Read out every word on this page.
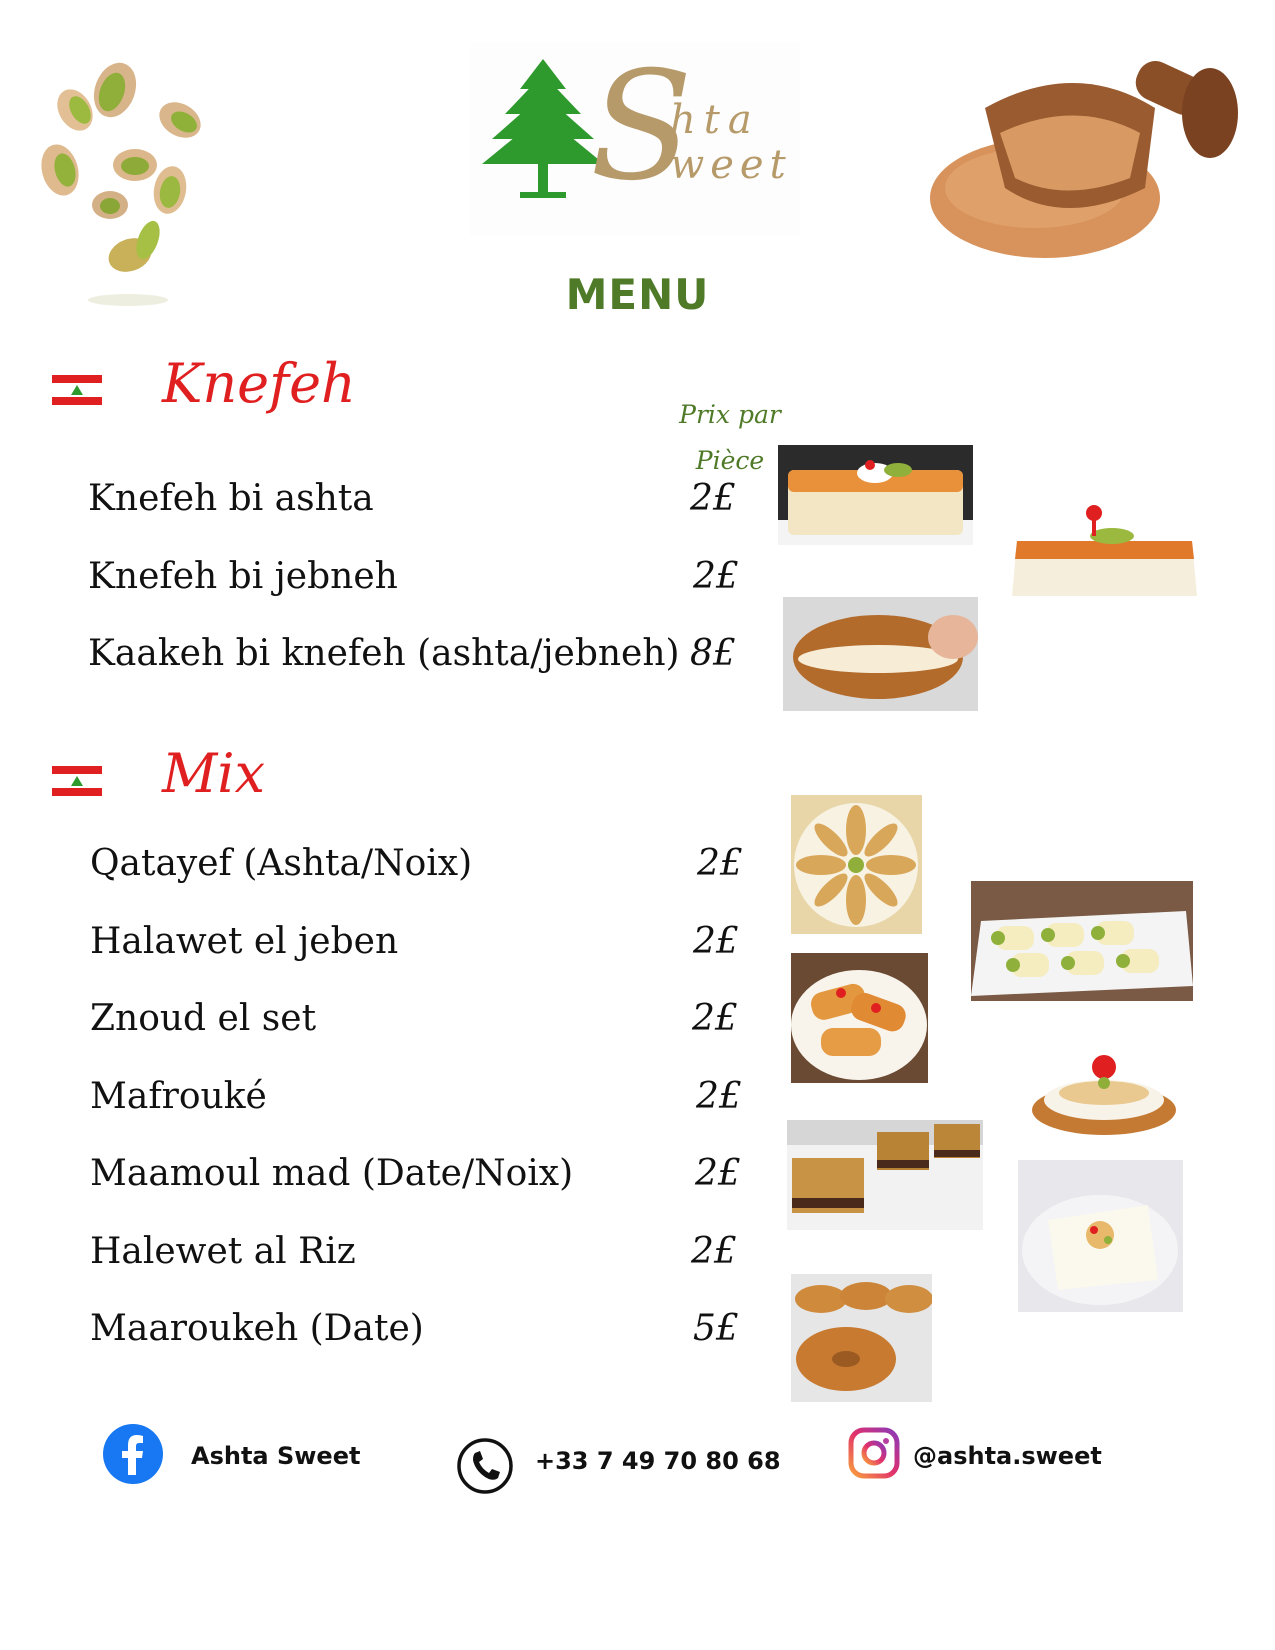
S
hta
weet
MENU
Knefeh	Prix par
Pièce
Knefeh bi ashta	2£
Knefeh bi jebneh	2£
Kaakeh bi knefeh (ashta/jebneh) 8£
Mix
Qatayef (Ashta/Noix)	2£
Halawet el jeben	2£
Znoud el set	2£
Mafrouké	2£
Maamoul mad (Date/Noix)	2£
Halewet al Riz	2£
Maaroukeh (Date)	5£
Ashta Sweet	+33 7 49 70 80 68	@ashta.sweet
